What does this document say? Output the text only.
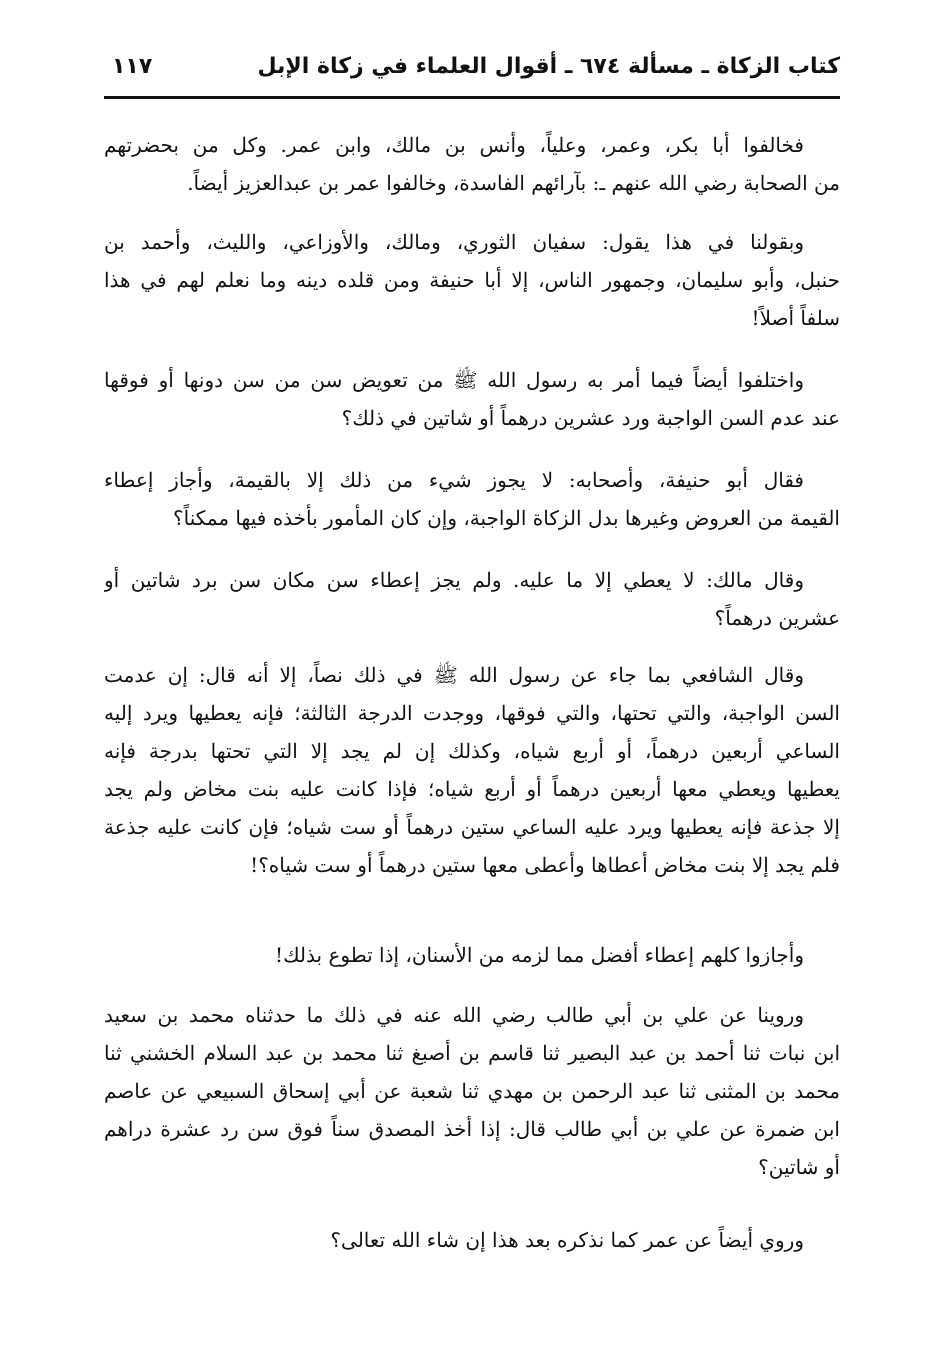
كتاب الزكاة ـ مسألة ٦٧٤ ـ أقوال العلماء في زكاة الإبل
١١٧
فخالفوا أبا بكر، وعمر، وعلياً، وأنس بن مالك، وابن عمر. وكل من بحضرتهم
من الصحابة رضي الله عنهم ـ: بآرائهم الفاسدة، وخالفوا عمر بن عبدالعزيز أيضاً.
وبقولنا في هذا يقول: سفيان الثوري، ومالك، والأوزاعي، والليث، وأحمد بن
حنبل، وأبو سليمان، وجمهور الناس، إلا أبا حنيفة ومن قلده دينه وما نعلم لهم في هذا
سلفاً أصلاً!
واختلفوا أيضاً فيما أمر به رسول الله ﷺ من تعويض سن من سن دونها أو فوقها
عند عدم السن الواجبة ورد عشرين درهماً أو شاتين في ذلك؟
فقال أبو حنيفة، وأصحابه: لا يجوز شيء من ذلك إلا بالقيمة، وأجاز إعطاء
القيمة من العروض وغيرها بدل الزكاة الواجبة، وإن كان المأمور بأخذه فيها ممكناً؟
وقال مالك: لا يعطي إلا ما عليه. ولم يجز إعطاء سن مكان سن برد شاتين أو
عشرين درهماً؟
وقال الشافعي بما جاء عن رسول الله ﷺ في ذلك نصاً، إلا أنه قال: إن عدمت
السن الواجبة، والتي تحتها، والتي فوقها، ووجدت الدرجة الثالثة؛ فإنه يعطيها ويرد إليه
الساعي أربعين درهماً، أو أربع شياه، وكذلك إن لم يجد إلا التي تحتها بدرجة فإنه
يعطيها ويعطي معها أربعين درهماً أو أربع شياه؛ فإذا كانت عليه بنت مخاض ولم يجد
إلا جذعة فإنه يعطيها ويرد عليه الساعي ستين درهماً أو ست شياه؛ فإن كانت عليه جذعة
فلم يجد إلا بنت مخاض أعطاها وأعطى معها ستين درهماً أو ست شياه؟!
وأجازوا كلهم إعطاء أفضل مما لزمه من الأسنان، إذا تطوع بذلك!
وروينا عن علي بن أبي طالب رضي الله عنه في ذلك ما حدثناه محمد بن سعيد
ابن نبات ثنا أحمد بن عبد البصير ثنا قاسم بن أصبغ ثنا محمد بن عبد السلام الخشني ثنا
محمد بن المثنى ثنا عبد الرحمن بن مهدي ثنا شعبة عن أبي إسحاق السبيعي عن عاصم
ابن ضمرة عن علي بن أبي طالب قال: إذا أخذ المصدق سناً فوق سن رد عشرة دراهم
أو شاتين؟
وروي أيضاً عن عمر كما نذكره بعد هذا إن شاء الله تعالى؟
